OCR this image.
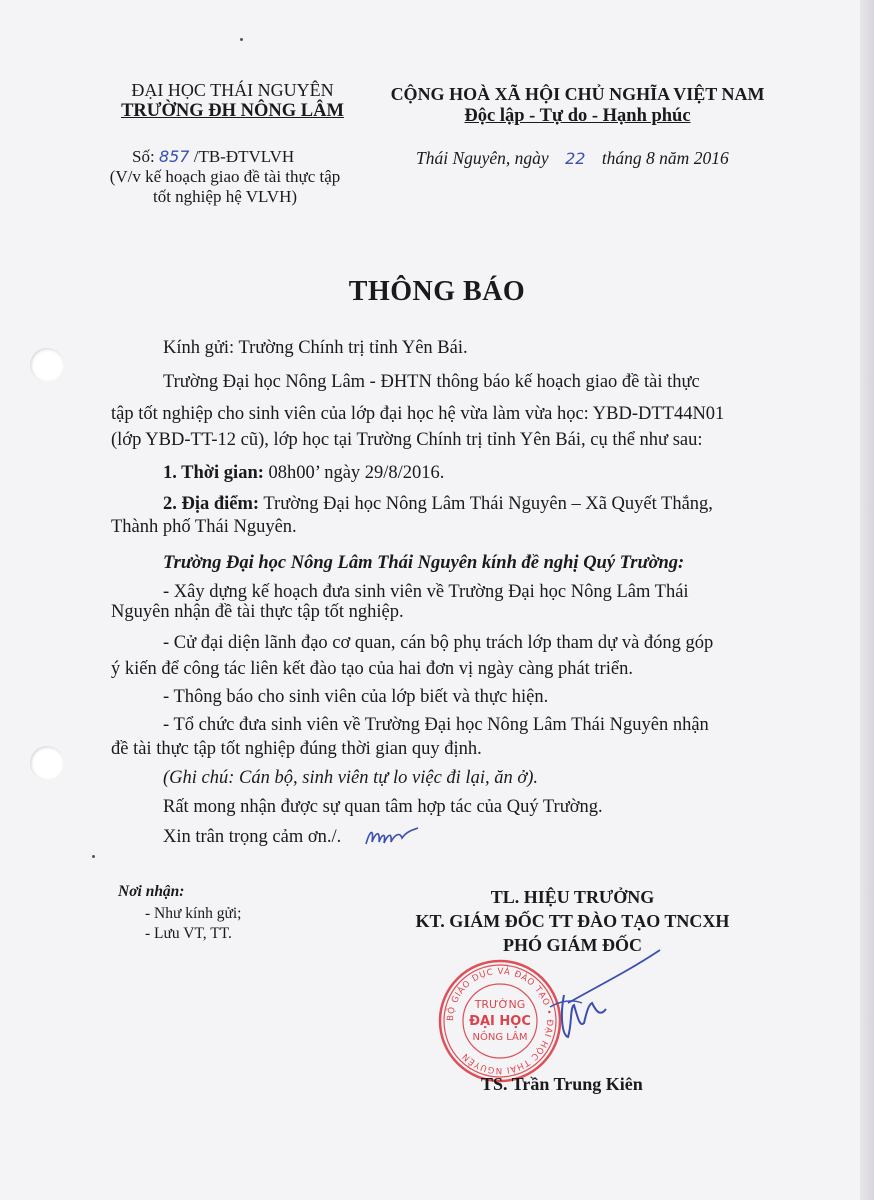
ĐẠI HỌC THÁI NGUYÊN
TRƯỜNG ĐH NÔNG LÂM
Số: 857 /TB-ĐTVLVH
(V/v kế hoạch giao đề tài thực tập
tốt nghiệp hệ VLVH)
CỘNG HOÀ XÃ HỘI CHỦ NGHĨA VIỆT NAM
Độc lập - Tự do - Hạnh phúc
Thái Nguyên, ngày 22 tháng 8 năm 2016
THÔNG BÁO
Kính gửi: Trường Chính trị tỉnh Yên Bái.
Trường Đại học Nông Lâm - ĐHTN thông báo kế hoạch giao đề tài thực
tập tốt nghiệp cho sinh viên của lớp đại học hệ vừa làm vừa học: YBD-DTT44N01
(lớp YBD-TT-12 cũ), lớp học tại Trường Chính trị tỉnh Yên Bái, cụ thể như sau:
1. Thời gian: 08h00’ ngày 29/8/2016.
2. Địa điểm: Trường Đại học Nông Lâm Thái Nguyên – Xã Quyết Thắng,
Thành phố Thái Nguyên.
Trường Đại học Nông Lâm Thái Nguyên kính đề nghị Quý Trường:
- Xây dựng kế hoạch đưa sinh viên về Trường Đại học Nông Lâm Thái
Nguyên nhận đề tài thực tập tốt nghiệp.
- Cử đại diện lãnh đạo cơ quan, cán bộ phụ trách lớp tham dự và đóng góp
ý kiến để công tác liên kết đào tạo của hai đơn vị ngày càng phát triển.
- Thông báo cho sinh viên của lớp biết và thực hiện.
- Tổ chức đưa sinh viên về Trường Đại học Nông Lâm Thái Nguyên nhận
đề tài thực tập tốt nghiệp đúng thời gian quy định.
(Ghi chú: Cán bộ, sinh viên tự lo việc đi lại, ăn ở).
Rất mong nhận được sự quan tâm hợp tác của Quý Trường.
Xin trân trọng cảm ơn./.
Nơi nhận:
- Như kính gửi;
- Lưu VT, TT.
TL. HIỆU TRƯỞNG
KT. GIÁM ĐỐC TT ĐÀO TẠO TNCXH
PHÓ GIÁM ĐỐC
BỘ GIÁO DỤC VÀ ĐÀO TẠO • ĐẠI HỌC THÁI NGUYÊN
TRƯỜNG
ĐẠI HỌC
NÔNG LÂM
TS. Trần Trung Kiên
